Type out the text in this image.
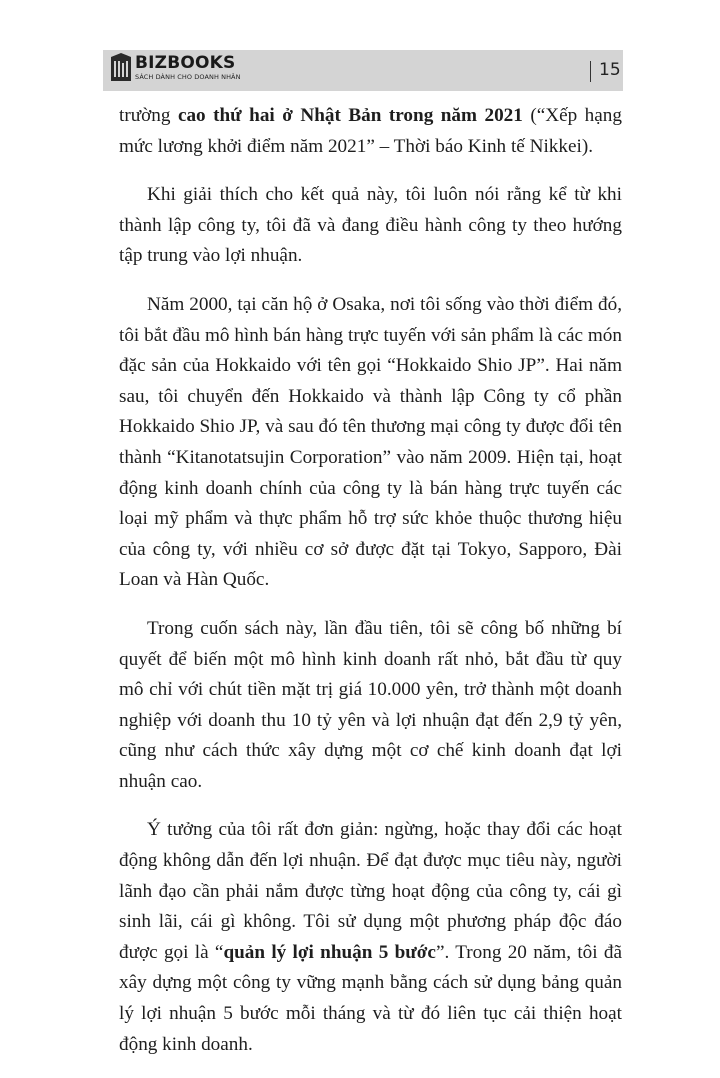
BIZBOOKS
SÁCH DÀNH CHO DOANH NHÂN	15

trường cao thứ hai ở Nhật Bản trong năm 2021 (“Xếp hạng mức lương khởi điểm năm 2021” – Thời báo Kinh tế Nikkei).

Khi giải thích cho kết quả này, tôi luôn nói rằng kể từ khi thành lập công ty, tôi đã và đang điều hành công ty theo hướng tập trung vào lợi nhuận.

Năm 2000, tại căn hộ ở Osaka, nơi tôi sống vào thời điểm đó, tôi bắt đầu mô hình bán hàng trực tuyến với sản phẩm là các món đặc sản của Hokkaido với tên gọi “Hokkaido Shio JP”. Hai năm sau, tôi chuyển đến Hokkaido và thành lập Công ty cổ phần Hokkaido Shio JP, và sau đó tên thương mại công ty được đổi tên thành “Kitanotatsujin Corporation” vào năm 2009. Hiện tại, hoạt động kinh doanh chính của công ty là bán hàng trực tuyến các loại mỹ phẩm và thực phẩm hỗ trợ sức khỏe thuộc thương hiệu của công ty, với nhiều cơ sở được đặt tại Tokyo, Sapporo, Đài Loan và Hàn Quốc.

Trong cuốn sách này, lần đầu tiên, tôi sẽ công bố những bí quyết để biến một mô hình kinh doanh rất nhỏ, bắt đầu từ quy mô chỉ với chút tiền mặt trị giá 10.000 yên, trở thành một doanh nghiệp với doanh thu 10 tỷ yên và lợi nhuận đạt đến 2,9 tỷ yên, cũng như cách thức xây dựng một cơ chế kinh doanh đạt lợi nhuận cao.

Ý tưởng của tôi rất đơn giản: ngừng, hoặc thay đổi các hoạt động không dẫn đến lợi nhuận. Để đạt được mục tiêu này, người lãnh đạo cần phải nắm được từng hoạt động của công ty, cái gì sinh lãi, cái gì không. Tôi sử dụng một phương pháp độc đáo được gọi là “quản lý lợi nhuận 5 bước”. Trong 20 năm, tôi đã xây dựng một công ty vững mạnh bằng cách sử dụng bảng quản lý lợi nhuận 5 bước mỗi tháng và từ đó liên tục cải thiện hoạt động kinh doanh.
